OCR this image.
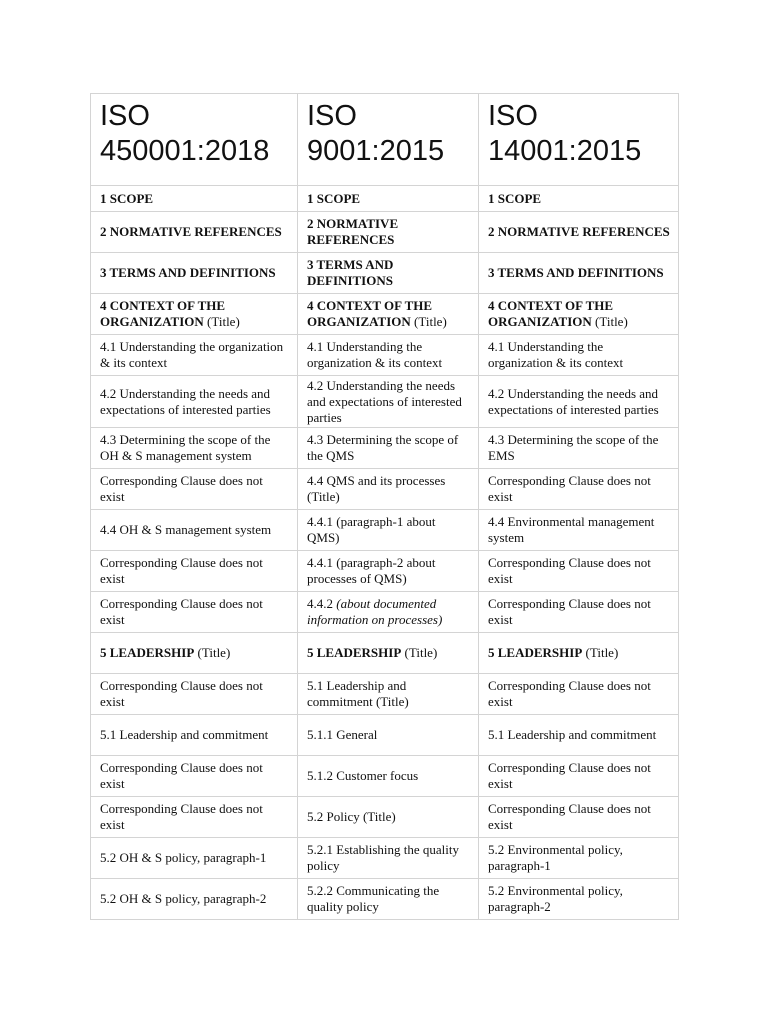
ISO 450001:2018	ISO 9001:2015	ISO 14001:2015
1 SCOPE	1 SCOPE	1 SCOPE
2 NORMATIVE REFERENCES	2 NORMATIVE REFERENCES	2 NORMATIVE REFERENCES
3 TERMS AND DEFINITIONS	3 TERMS AND DEFINITIONS	3 TERMS AND DEFINITIONS
4 CONTEXT OF THE ORGANIZATION (Title)	4 CONTEXT OF THE ORGANIZATION (Title)	4 CONTEXT OF THE ORGANIZATION (Title)
4.1 Understanding the organization & its context	4.1 Understanding the organization & its context	4.1 Understanding the organization & its context
4.2 Understanding the needs and expectations of interested parties	4.2 Understanding the needs and expectations of interested parties	4.2 Understanding the needs and expectations of interested parties
4.3 Determining the scope of the OH & S management system	4.3 Determining the scope of the QMS	4.3 Determining the scope of the EMS
Corresponding Clause does not exist	4.4 QMS and its processes (Title)	Corresponding Clause does not exist
4.4 OH & S management system	4.4.1 (paragraph-1 about QMS)	4.4 Environmental management system
Corresponding Clause does not exist	4.4.1 (paragraph-2 about processes of QMS)	Corresponding Clause does not exist
Corresponding Clause does not exist	4.4.2 (about documented information on processes)	Corresponding Clause does not exist
5 LEADERSHIP (Title)	5 LEADERSHIP (Title)	5 LEADERSHIP (Title)
Corresponding Clause does not exist	5.1 Leadership and commitment (Title)	Corresponding Clause does not exist
5.1 Leadership and commitment	5.1.1 General	5.1 Leadership and commitment
Corresponding Clause does not exist	5.1.2 Customer focus	Corresponding Clause does not exist
Corresponding Clause does not exist	5.2 Policy (Title)	Corresponding Clause does not exist
5.2 OH & S policy, paragraph-1	5.2.1 Establishing the quality policy	5.2 Environmental policy, paragraph-1
5.2 OH & S policy, paragraph-2	5.2.2 Communicating the quality policy	5.2 Environmental policy, paragraph-2
